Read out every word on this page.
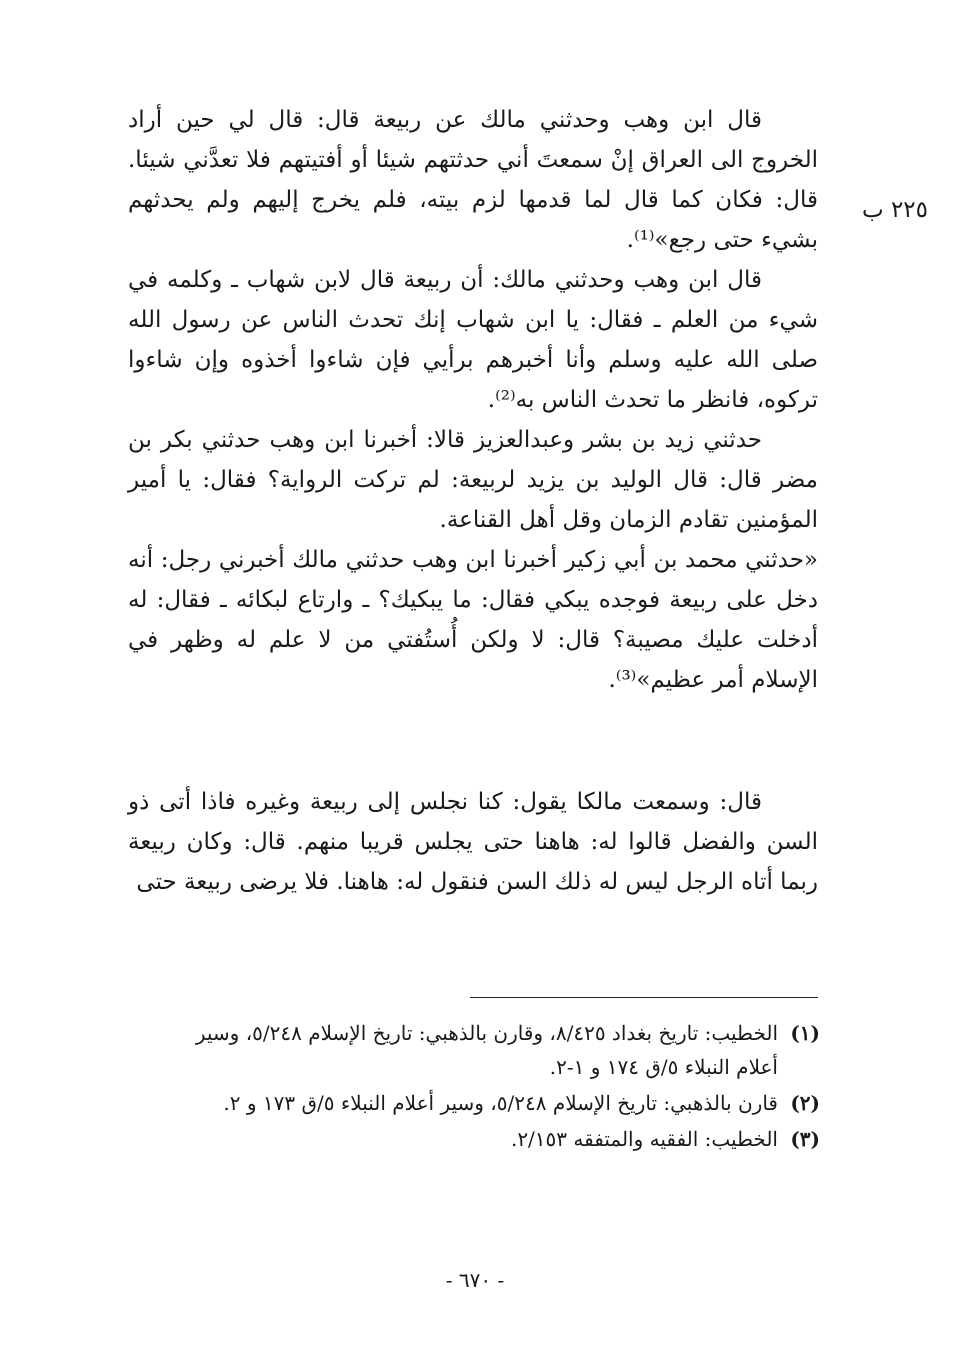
٢٢٥ ب

قال ابن وهب وحدثني مالك عن ربيعة قال: قال لي حين أراد الخروج الى العراق إنْ سمعتَ أني حدثتهم شيئا أو أفتيتهم فلا تعدَّني شيئا. قال: فكان كما قال لما قدمها لزم بيته، فلم يخرج إليهم ولم يحدثهم بشيء حتى رجع»⁽¹⁾.

قال ابن وهب وحدثني مالك: أن ربيعة قال لابن شهاب ـ وكلمه في شيء من العلم ـ فقال: يا ابن شهاب إنك تحدث الناس عن رسول الله صلى الله عليه وسلم وأنا أخبرهم برأيي فإن شاءوا أخذوه وإن شاءوا تركوه، فانظر ما تحدث الناس به⁽²⁾.

حدثني زيد بن بشر وعبدالعزيز قالا: أخبرنا ابن وهب حدثني بكر بن مضر قال: قال الوليد بن يزيد لربيعة: لم تركت الرواية؟ فقال: يا أمير المؤمنين تقادم الزمان وقل أهل القناعة.

«حدثني محمد بن أبي زكير أخبرنا ابن وهب حدثني مالك أخبرني رجل: أنه دخل على ربيعة فوجده يبكي فقال: ما يبكيك؟ ـ وارتاع لبكائه ـ فقال: له أدخلت عليك مصيبة؟ قال: لا ولكن أُستُفتي من لا علم له وظهر في الإسلام أمر عظيم»⁽³⁾.

قال: وسمعت مالكا يقول: كنا نجلس إلى ربيعة وغيره فاذا أتى ذو السن والفضل قالوا له: هاهنا حتى يجلس قريبا منهم. قال: وكان ربيعة ربما أتاه الرجل ليس له ذلك السن فنقول له: هاهنا. فلا يرضى ربيعة حتى

(١)
الخطيب: تاريخ بغداد ٨/٤٢٥، وقارن بالذهبي: تاريخ الإسلام ٥/٢٤٨، وسير أعلام النبلاء ٥/ق ١٧٤ و ١-٢.
(٢)
قارن بالذهبي: تاريخ الإسلام ٥/٢٤٨، وسير أعلام النبلاء ٥/ق ١٧٣ و ٢.
(٣)
الخطيب: الفقيه والمتفقه ٢/١٥٣.
- ٦٧٠ -
